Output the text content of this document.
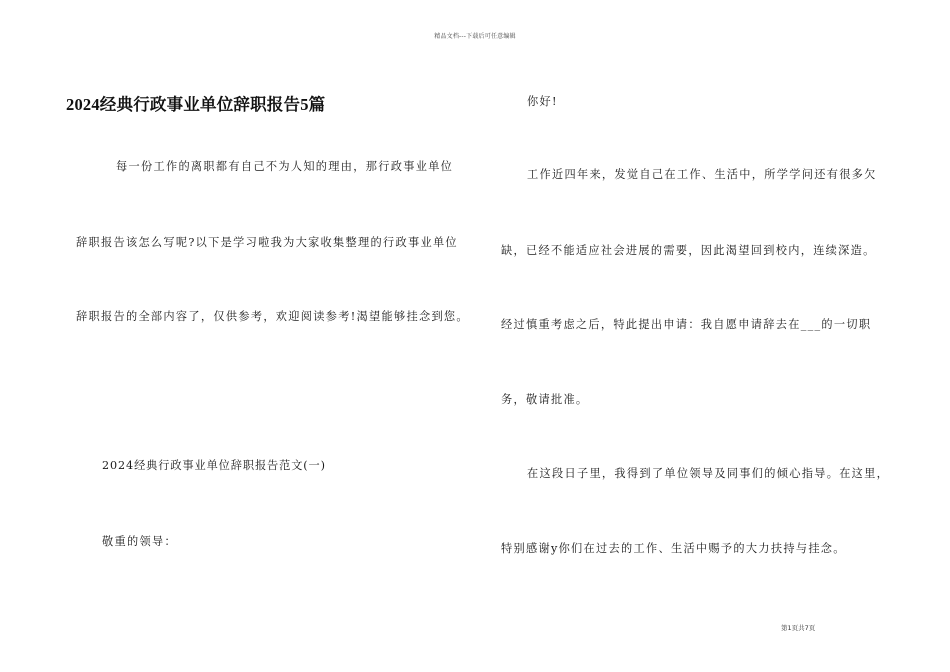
精品文档---下载后可任意编辑
2024经典行政事业单位辞职报告5篇
每一份工作的离职都有自己不为人知的理由，那行政事业单位
辞职报告该怎么写呢?以下是学习啦我为大家收集整理的行政事业单位
辞职报告的全部内容了，仅供参考，欢迎阅读参考!渴望能够挂念到您。
2024经典行政事业单位辞职报告范文(一)
敬重的领导：
你好!
工作近四年来，发觉自己在工作、生活中，所学学问还有很多欠
缺，已经不能适应社会进展的需要，因此渴望回到校内，连续深造。
经过慎重考虑之后，特此提出申请：我自愿申请辞去在___的一切职
务，敬请批准。
在这段日子里，我得到了单位领导及同事们的倾心指导。在这里，
特别感谢y你们在过去的工作、生活中赐予的大力扶持与挂念。
第1页共7页
